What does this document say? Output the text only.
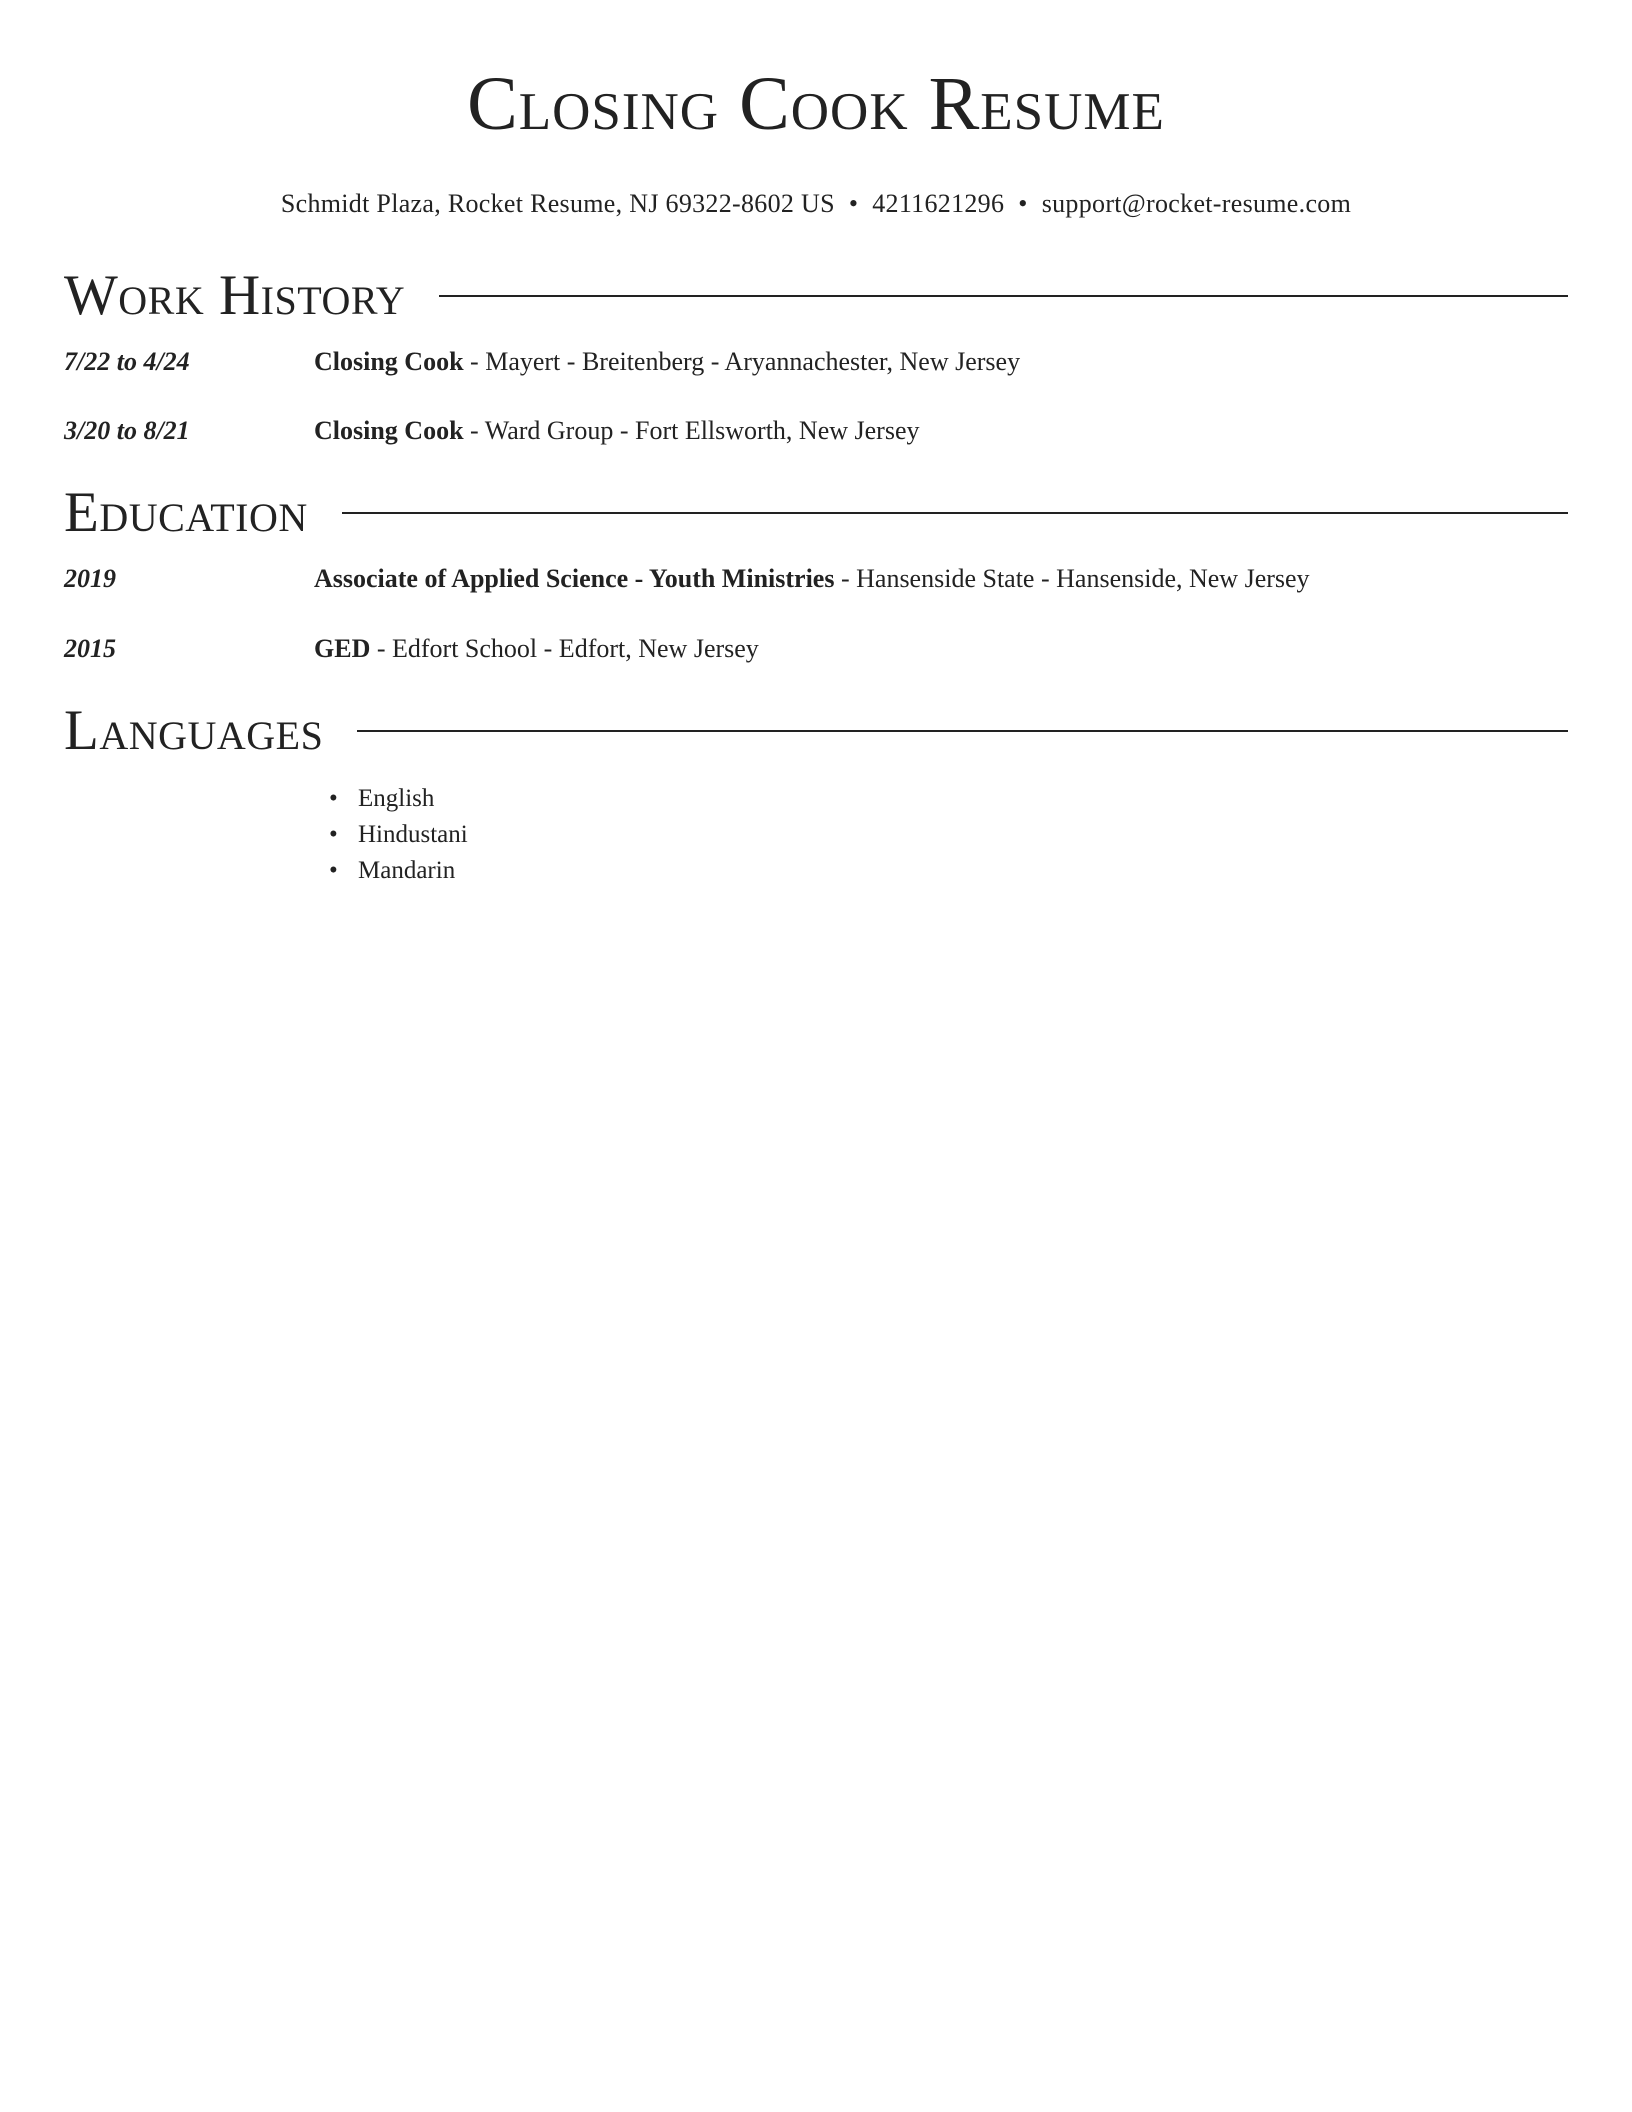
Closing Cook Resume
Schmidt Plaza, Rocket Resume, NJ 69322-8602 US • 4211621296 • support@rocket-resume.com
Work History
7/22 to 4/24	Closing Cook - Mayert - Breitenberg - Aryannachester, New Jersey
3/20 to 8/21	Closing Cook - Ward Group - Fort Ellsworth, New Jersey
Education
2019	Associate of Applied Science - Youth Ministries - Hansenside State - Hansenside, New Jersey
2015	GED - Edfort School - Edfort, New Jersey
Languages
• English
• Hindustani
• Mandarin
